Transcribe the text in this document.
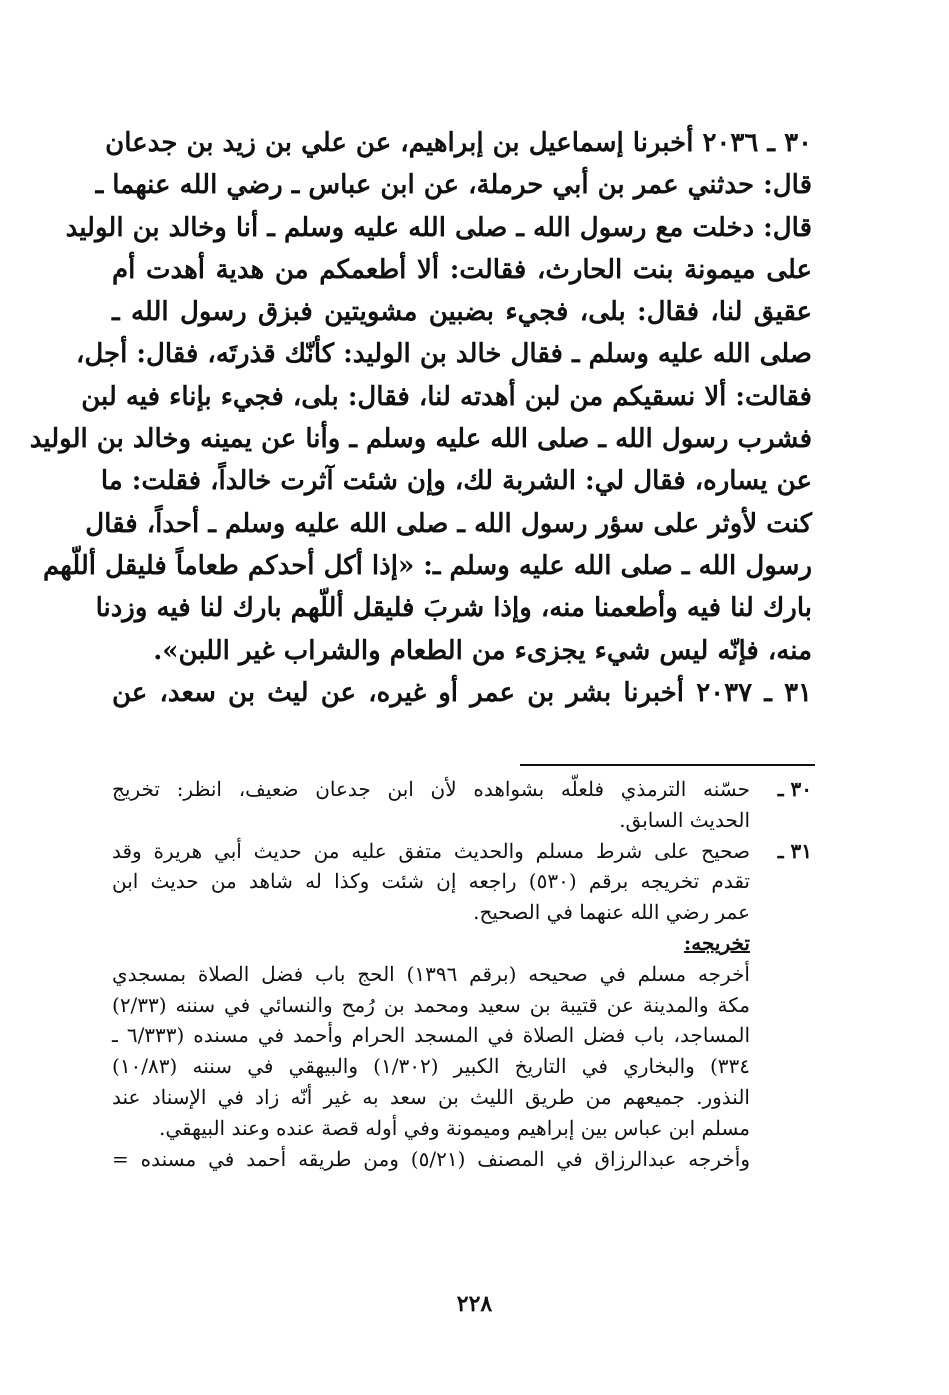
٣٠ ـ ٢٠٣٦ أخبرنا إسماعيل بن إبراهيم، عن علي بن زيد بن جدعان
قال: حدثني عمر بن أبي حرملة، عن ابن عباس ـ رضي الله عنهما ـ
قال: دخلت مع رسول الله ـ صلى الله عليه وسلم ـ أنا وخالد بن الوليد
على ميمونة بنت الحارث، فقالت: ألا أطعمكم من هدية أهدت أم
عقيق لنا، فقال: بلى، فجيء بضبين مشويتين فبزق رسول الله ـ
صلى الله عليه وسلم ـ فقال خالد بن الوليد: كأنّك قذرتَه، فقال: أجل،
فقالت: ألا نسقيكم من لبن أهدته لنا، فقال: بلى، فجيء بإناء فيه لبن
فشرب رسول الله ـ صلى الله عليه وسلم ـ وأنا عن يمينه وخالد بن الوليد
عن يساره، فقال لي: الشربة لك، وإن شئت آثرت خالداً، فقلت: ما
كنت لأوثر على سؤر رسول الله ـ صلى الله عليه وسلم ـ أحداً، فقال
رسول الله ـ صلى الله عليه وسلم ـ: «إذا أكل أحدكم طعاماً فليقل أللّهم
بارك لنا فيه وأطعمنا منه، وإذا شربَ فليقل أللّهم بارك لنا فيه وزدنا
منه، فإنّه ليس شيء يجزىء من الطعام والشراب غير اللبن».
٣١ ـ ٢٠٣٧ أخبرنا بشر بن عمر أو غيره، عن ليث بن سعد، عن
٣٠ ـ
حسّنه الترمذي فلعلّه بشواهده لأن ابن جدعان ضعيف، انظر: تخريج
الحديث السابق.
٣١ ـ
صحيح على شرط مسلم والحديث متفق عليه من حديث أبي هريرة وقد
تقدم تخريجه برقم (٥٣٠) راجعه إن شئت وكذا له شاهد من حديث ابن
عمر رضي الله عنهما في الصحيح.
تخريجه:
أخرجه مسلم في صحيحه (برقم ١٣٩٦) الحج باب فضل الصلاة بمسجدي
مكة والمدينة عن قتيبة بن سعيد ومحمد بن رُمح والنسائي في سننه (٢/٣٣)
المساجد، باب فضل الصلاة في المسجد الحرام وأحمد في مسنده (٦/٣٣٣ ـ
٣٣٤) والبخاري في التاريخ الكبير (١/٣٠٢) والبيهقي في سننه (١٠/٨٣)
النذور. جميعهم من طريق الليث بن سعد به غير أنّه زاد في الإسناد عند
مسلم ابن عباس بين إبراهيم وميمونة وفي أوله قصة عنده وعند البيهقي.
وأخرجه عبدالرزاق في المصنف (٥/٢١) ومن طريقه أحمد في مسنده =
٢٢٨
